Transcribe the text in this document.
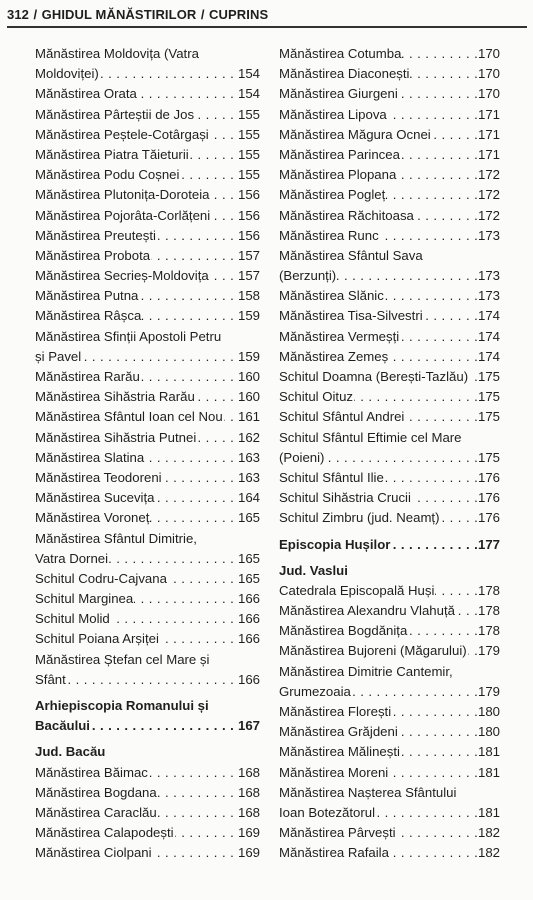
312 / GHIDUL MĂNĂSTIRILOR / CUPRINS
Mănăstirea Moldovița (Vatra
Moldoviței)	154
. . .
Mănăstirea Orata	154
. . .
Mănăstirea Pârteștii de Jos	155
. . .
Mănăstirea Peștele-Cotârgași 155
. . .
Mănăstirea Piatra Tăieturii	155
. . .
Mănăstirea Podu Coșnei	155
. . .
Mănăstirea Plutonița-Doroteia 156
. . .
Mănăstirea Pojorâta-Corlățeni 156
. . .
Mănăstirea Preutești	156
. . .
Mănăstirea Probota	157
. . .
Mănăstirea Secrieș-Moldovița 157
. . .
Mănăstirea Putna	158
. . .
Mănăstirea Râșca	159
. . .
Mănăstirea Sfinții Apostoli Petru
și Pavel	159
. . .
Mănăstirea Rarău	160
. . .
Mănăstirea Sihăstria Rarău	160
. . .
Mănăstirea Sfântul Ioan cel Nou 161
. . .
Mănăstirea Sihăstria Putnei	162
. . .
Mănăstirea Slatina	163
. . .
Mănăstirea Teodoreni	163
. . .
Mănăstirea Sucevița	164
. . .
Mănăstirea Voroneț	165
. . .
Mănăstirea Sfântul Dimitrie,
Vatra Dornei	165
. . .
Schitul Codru-Cajvana	165
. . .
Schitul Marginea	166
. . .
Schitul Molid	166
. . .
Schitul Poiana Arșiței	166
. . .
Mănăstirea Ștefan cel Mare și
Sfânt	166
. . .
Arhiepiscopia Romanului și
Bacăului	167
. . .
Jud. Bacău
Mănăstirea Băimac	168
. . .
Mănăstirea Bogdana	168
. . .
Mănăstirea Caraclău	168
. . .
Mănăstirea Calapodești	169
. . .
Mănăstirea Ciolpani	169
. . .
Mănăstirea Cotumba	170
. . .
Mănăstirea Diaconești	170
. . .
Mănăstirea Giurgeni	170
. . .
Mănăstirea Lipova	171
. . .
Mănăstirea Măgura Ocnei	171
. . .
Mănăstirea Parincea	171
. . .
Mănăstirea Plopana	172
. . .
Mănăstirea Pogleț	172
. . .
Mănăstirea Răchitoasa	172
. . .
Mănăstirea Runc	173
. . .
Mănăstirea Sfântul Sava
(Berzunți)	173
. . .
Mănăstirea Slănic	173
. . .
Mănăstirea Tisa-Silvestri	174
. . .
Mănăstirea Vermeșți	174
. . .
Mănăstirea Zemeș	174
. . .
Schitul Doamna (Berești-Tazlău) 175
. . .
Schitul Oituz	175
. . .
Schitul Sfântul Andrei	175
. . .
Schitul Sfântul Eftimie cel Mare
(Poieni)	175
. . .
Schitul Sfântul Ilie	176
. . .
Schitul Sihăstria Crucii	176
. . .
Schitul Zimbru (jud. Neamț)	176
. . .
Episcopia Hușilor	177
. . .
Jud. Vaslui
Catedrala Episcopală Huși	178
. . .
Mănăstirea Alexandru Vlahuță 178
. . .
Mănăstirea Bogdănița	178
. . .
Mănăstirea Bujoreni (Măgarului) 179
. . .
Mănăstirea Dimitrie Cantemir,
Grumezoaia	179
. . .
Mănăstirea Florești	180
. . .
Mănăstirea Grăjdeni	180
. . .
Mănăstirea Mălinești	181
. . .
Mănăstirea Moreni	181
. . .
Mănăstirea Nașterea Sfântului
Ioan Botezătorul	181
. . .
Mănăstirea Pârvești	182
. . .
Mănăstirea Rafaila	182
. . .
